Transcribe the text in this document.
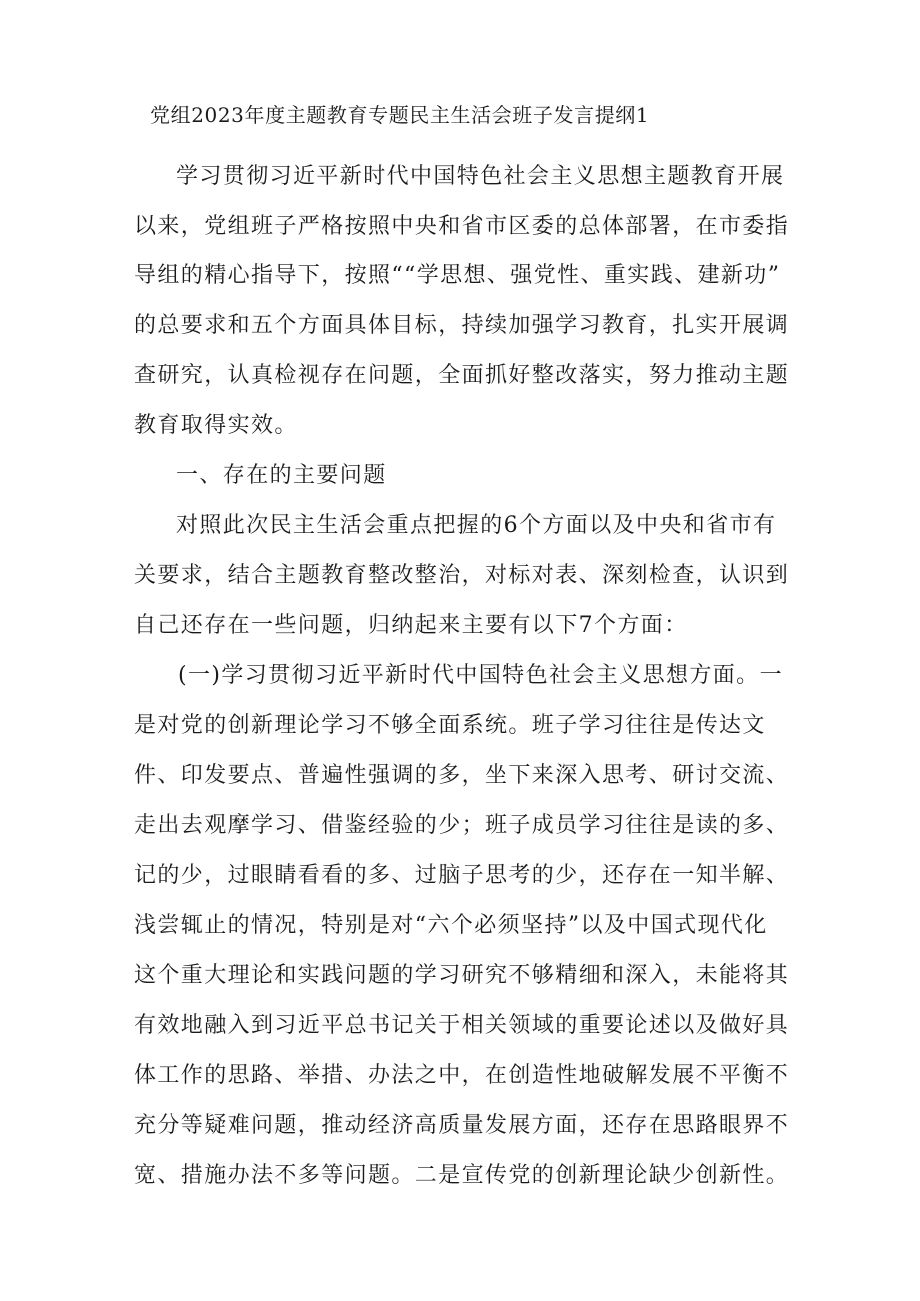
党组2023年度主题教育专题民主生活会班子发言提纲1
学习贯彻习近平新时代中国特色社会主义思想主题教育开展
以来，党组班子严格按照中央和省市区委的总体部署，在市委指
导组的精心指导下，按照““学思想、强党性、重实践、建新功”
的总要求和五个方面具体目标，持续加强学习教育，扎实开展调
查研究，认真检视存在问题，全面抓好整改落实，努力推动主题
教育取得实效。
一、存在的主要问题
对照此次民主生活会重点把握的6个方面以及中央和省市有
关要求，结合主题教育整改整治，对标对表、深刻检查，认识到
自己还存在一些问题，归纳起来主要有以下7个方面：
(一)学习贯彻习近平新时代中国特色社会主义思想方面。一
是对党的创新理论学习不够全面系统。班子学习往往是传达文
件、印发要点、普遍性强调的多，坐下来深入思考、研讨交流、
走出去观摩学习、借鉴经验的少；班子成员学习往往是读的多、
记的少，过眼睛看看的多、过脑子思考的少，还存在一知半解、
浅尝辄止的情况，特别是对“六个必须坚持”以及中国式现代化
这个重大理论和实践问题的学习研究不够精细和深入，未能将其
有效地融入到习近平总书记关于相关领域的重要论述以及做好具
体工作的思路、举措、办法之中，在创造性地破解发展不平衡不
充分等疑难问题，推动经济高质量发展方面，还存在思路眼界不
宽、措施办法不多等问题。二是宣传党的创新理论缺少创新性。
